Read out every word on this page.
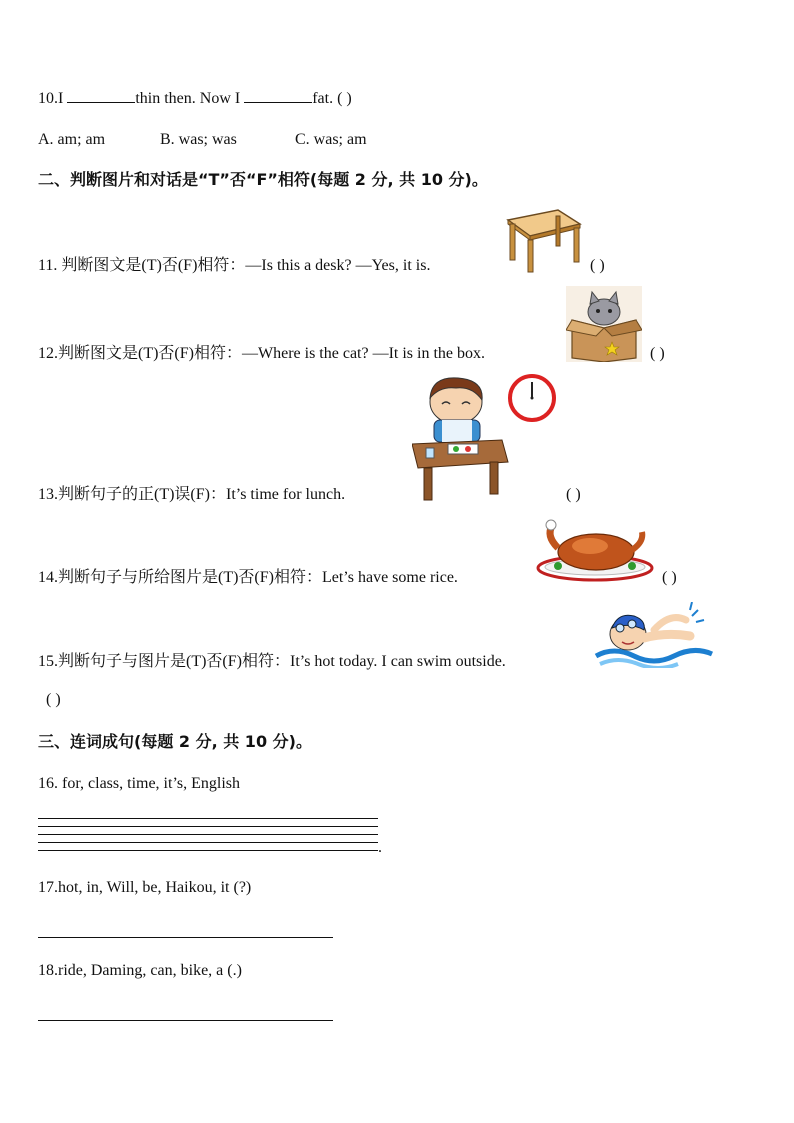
10.I	thin then. Now I	fat. ( )
A. am; am	B. was; was	C. was; am
二、判断图片和对话是“T”否“F”相符(每题 2 分, 共 10 分)。
11. 判断图文是(T)否(F)相符：—Is this a desk? —Yes, it is.	( )
12.判断图文是(T)否(F)相符：—Where is the cat? —It is in the box.	( )
13.判断句子的正(T)误(F)：It’s time for lunch.	( )
14.判断句子与所给图片是(T)否(F)相符：Let’s have some rice.	( )
15.判断句子与图片是(T)否(F)相符：It’s hot today. I can swim outside.
( )
三、连词成句(每题 2 分, 共 10 分)。
16. for, class, time, it’s, English
.
17.hot, in, Will, be, Haikou, it (?)
18.ride, Daming, can, bike, a (.)
